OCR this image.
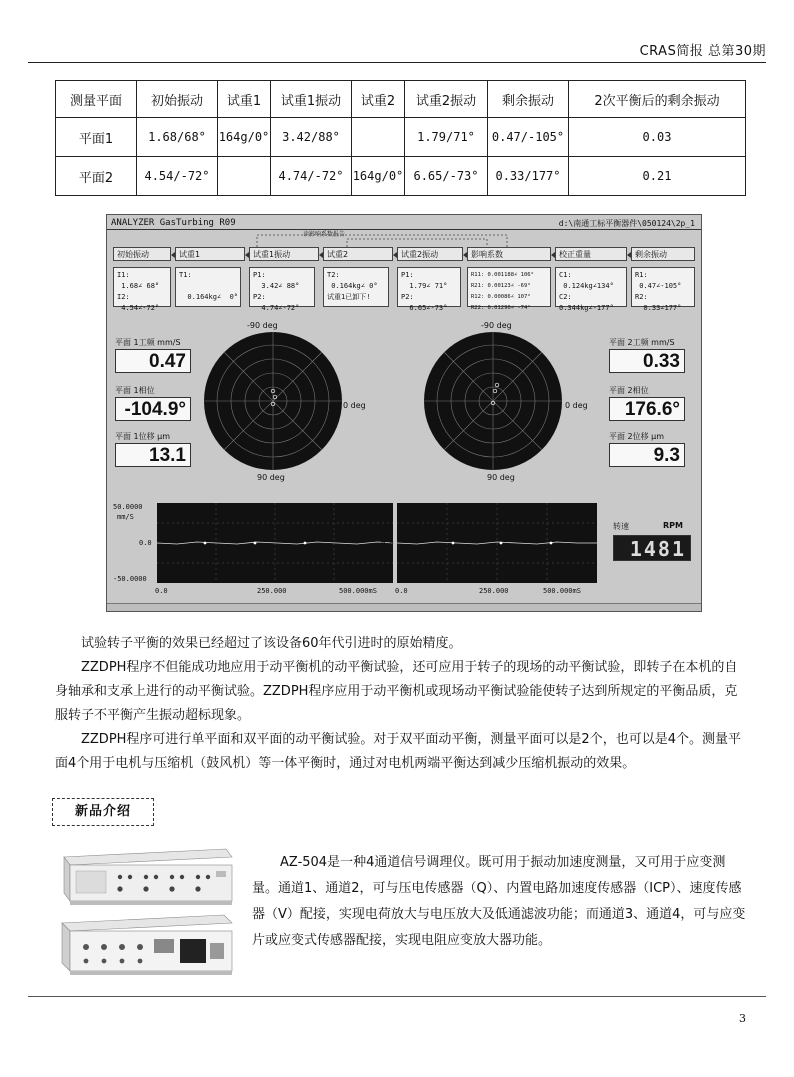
CRAS简报 总第30期
测量平面	初始振动	试重1	试重1振动	试重2	试重2振动	剩余振动	2次平衡后的剩余振动
平面1	1.68/68°	164g/0°	3.42/88°		1.79/71°	0.47/-105°	0.03
平面2	4.54/-72°		4.74/-72°	164g/0°	6.65/-73°	0.33/177°	0.21
ANALYZER GasTurbing R09	d:\南通工标平衡器件\050124\2p_1
读影响系数报告
初始振动	试重1	试重1振动	试重2	试重2振动	影响系数	校正重量	剩余振动
I1:
1.68∠ 68°
I2:
4.54∠-72°
T1:

0.164kg∠  0°
P1:
3.42∠ 88°
P2:
4.74∠-72°
T2:
0.164kg∠ 0°
试重1已卸下!
P1:
1.79∠ 71°
P2:
6.65∠-73°
R11: 0.001188∠ 106°
R21: 0.00123∠ -69°
R12: 0.00086∠ 107°
R22: 0.01290∠ -74°
C1:
0.124kg∠134°
C2:
0.344kg∠-177°
R1:
0.47∠-105°
R2:
0.33∠177°
平面 1工频 mm/S
0.47
平面 1相位
-104.9°
平面 1位移 μm
13.1
平面 2工频 mm/S
0.33
平面 2相位
176.6°
平面 2位移 μm
9.3
-90 deg
90 deg
0 deg
-90 deg
90 deg
0 deg
50.0000
mm/S
0.0
-50.0000
0.0	250.000	500.000mS
50.0000
mm/S
0.0
-50.0000
0.0	250.000	500.000mS
转速	RPM
1481
试验转子平衡的效果已经超过了该设备60年代引进时的原始精度。
ZZDPH程序不但能成功地应用于动平衡机的动平衡试验，还可应用于转子的现场的动平衡试验，即转子在本机的自身轴承和支承上进行的动平衡试验。ZZDPH程序应用于动平衡机或现场动平衡试验能使转子达到所规定的平衡品质，克服转子不平衡产生振动超标现象。
ZZDPH程序可进行单平面和双平面的动平衡试验。对于双平面动平衡，测量平面可以是2个，也可以是4个。测量平面4个用于电机与压缩机（鼓风机）等一体平衡时，通过对电机两端平衡达到减少压缩机振动的效果。
新品介绍
AZ-504是一种4通道信号调理仪。既可用于振动加速度测量，又可用于应变测量。通道1、通道2，可与压电传感器（Q）、内置电路加速度传感器（ICP）、速度传感器（V）配接，实现电荷放大与电压放大及低通滤波功能；而通道3、通道4，可与应变片或应变式传感器配接，实现电阻应变放大器功能。
3
